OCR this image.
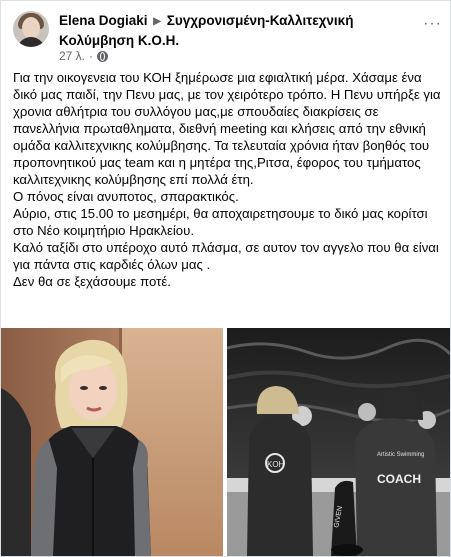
Elena Dogiaki ▶ Συγχρονισμένη-Καλλιτεχνική Κολύμβηση Κ.Ο.Η.
27 λ. ·
···

Για την οικογενεια του ΚΟΗ ξημέρωσε μια εφιαλτική μέρα. Χάσαμε ένα δικό μας παιδί, την Πενυ μας, με τον χειρότερο τρόπο. Η Πενυ υπήρξε για χρονια αθλήτρια του συλλόγου μας,με σπουδαίες διακρίσεις σε πανελλήνια πρωταθληματα, διεθνή meeting και κλήσεις από την εθνική ομάδα καλλιτεχνικης κολύμβησης. Τα τελευταία χρόνια ήταν βοηθός του προπονητικού μας team και η μητέρα της,Ριτσα, έφορος του τμήματος καλλιτεχνικης κολύμβησης επί πολλά έτη.

Ο πόνος είναι ανυποτος, σπαρακτικός.

Αύριο, στις 15.00 το μεσημέρι, θα αποχαιρετησουμε το δικό μας κορίτσι στο Νέο κοιμητήριο Ηρακλείου.

Καλό ταξίδι στο υπέροχο αυτό πλάσμα, σε αυτον τον αγγελο που θα είναι για πάντα στις καρδιές όλων μας .

Δεν θα σε ξεχάσουμε ποτέ.

KOH
Artistic Swimming
COACH
GIVEN
